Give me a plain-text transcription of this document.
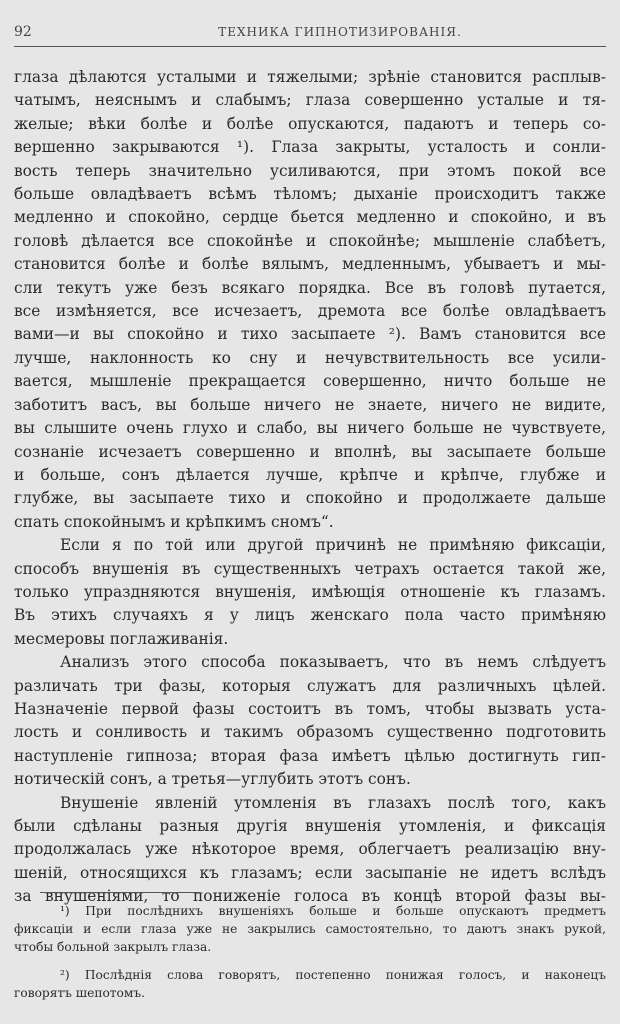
92	ТЕХНИКА ГИПНОТИЗИРОВАНІЯ.
глаза дѣлаются усталыми и тяжелыми; зрѣніе становится расплыв-
чатымъ, неяснымъ и слабымъ; глаза совершенно усталые и тя-
желые; вѣки болѣе и болѣе опускаются, падаютъ и теперь со-
вершенно закрываются ¹). Глаза закрыты, усталость и сонли-
вость теперь значительно усиливаются, при этомъ покой все
больше овладѣваетъ всѣмъ тѣломъ; дыханіе происходитъ также
медленно и спокойно, сердце бьется медленно и спокойно, и въ
головѣ дѣлается все спокойнѣе и спокойнѣе; мышленіе слабѣетъ,
становится болѣе и болѣе вялымъ, медленнымъ, убываетъ и мы-
сли текутъ уже безъ всякаго порядка. Все въ головѣ путается,
все измѣняется, все исчезаетъ, дремота все болѣе овладѣваетъ
вами—и вы спокойно и тихо засыпаете ²). Вамъ становится все
лучше, наклонность ко сну и нечувствительность все усили-
вается, мышленіе прекращается совершенно, ничто больше не
заботитъ васъ, вы больше ничего не знаете, ничего не видите,
вы слышите очень глухо и слабо, вы ничего больше не чувствуете,
сознаніе исчезаетъ совершенно и вполнѣ, вы засыпаете больше
и больше, сонъ дѣлается лучше, крѣпче и крѣпче, глубже и
глубже, вы засыпаете тихо и спокойно и продолжаете дальше
спать спокойнымъ и крѣпкимъ сномъ“.
Если я по той или другой причинѣ не примѣняю фиксаціи,
способъ внушенія въ существенныхъ четрахъ остается такой же,
только упраздняются внушенія, имѣющія отношеніе къ глазамъ.
Въ этихъ случаяхъ я у лицъ женскаго пола часто примѣняю
месмеровы поглаживанія.
Анализъ этого способа показываетъ, что въ немъ слѣдуетъ
различать три фазы, которыя служатъ для различныхъ цѣлей.
Назначеніе первой фазы состоитъ въ томъ, чтобы вызвать уста-
лость и сонливость и такимъ образомъ существенно подготовить
наступленіе гипноза; вторая фаза имѣетъ цѣлью достигнуть гип-
нотическій сонъ, а третья—углубить этотъ сонъ.
Внушеніе явленій утомленія въ глазахъ послѣ того, какъ
были сдѣланы разныя другія внушенія утомленія, и фиксація
продолжалась уже нѣкоторое время, облегчаетъ реализацію вну-
шеній, относящихся къ глазамъ; если засыпаніе не идетъ вслѣдъ
за внушеніями, то пониженіе голоса въ концѣ второй фазы вы-
¹) При послѣднихъ внушеніяхъ больше и больше опускаютъ предметъ
фиксаціи и если глаза уже не закрылись самостоятельно, то даютъ знакъ рукой,
чтобы больной закрылъ глаза.
²) Послѣднія слова говорятъ, постепенно понижая голосъ, и наконецъ
говорятъ шепотомъ.
